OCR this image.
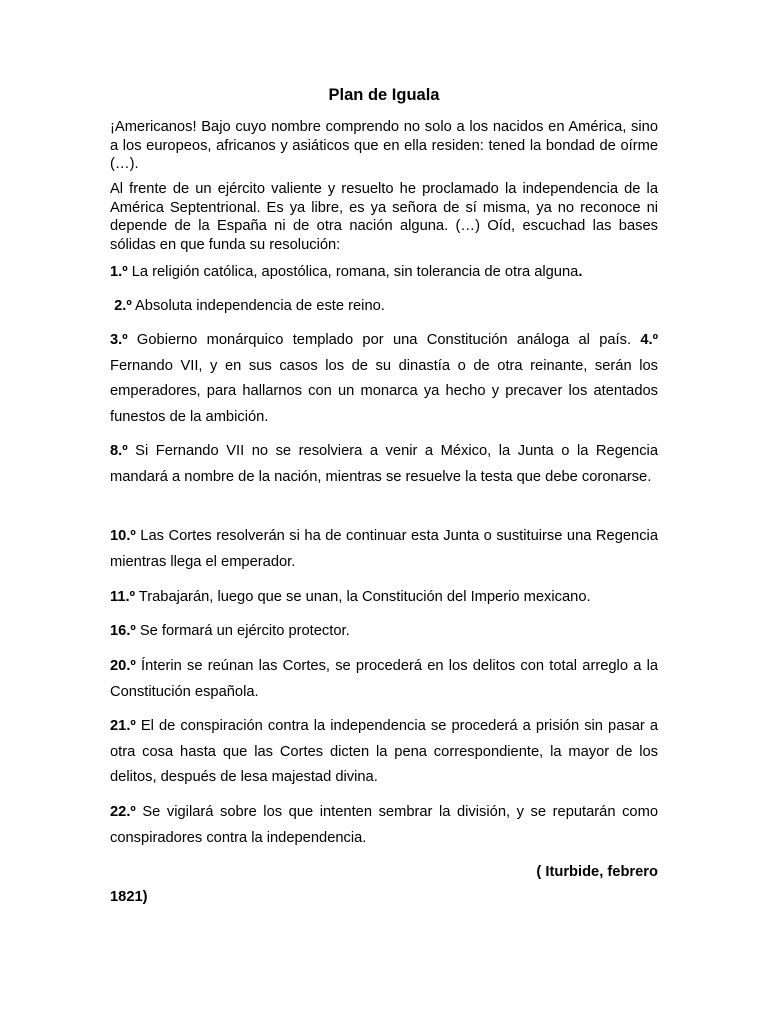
Plan de Iguala

¡Americanos! Bajo cuyo nombre comprendo no solo a los nacidos en América, sino a los europeos, africanos y asiáticos que en ella residen: tened la bondad de oírme (…).

Al frente de un ejército valiente y resuelto he proclamado la independencia de la América Septentrional. Es ya libre, es ya señora de sí misma, ya no reconoce ni depende de la España ni de otra nación alguna. (…) Oíd, escuchad las bases sólidas en que funda su resolución:

1.º La religión católica, apostólica, romana, sin tolerancia de otra alguna.

2.º Absoluta independencia de este reino.

3.º Gobierno monárquico templado por una Constitución análoga al país. 4.º Fernando VII, y en sus casos los de su dinastía o de otra reinante, serán los emperadores, para hallarnos con un monarca ya hecho y precaver los atentados funestos de la ambición.

8.º Si Fernando VII no se resolviera a venir a México, la Junta o la Regencia mandará a nombre de la nación, mientras se resuelve la testa que debe coronarse.

10.º Las Cortes resolverán si ha de continuar esta Junta o sustituirse una Regencia mientras llega el emperador.

11.º Trabajarán, luego que se unan, la Constitución del Imperio mexicano.

16.º Se formará un ejército protector.

20.º Ínterin se reúnan las Cortes, se procederá en los delitos con total arreglo a la Constitución española.

21.º El de conspiración contra la independencia se procederá a prisión sin pasar a otra cosa hasta que las Cortes dicten la pena correspondiente, la mayor de los delitos, después de lesa majestad divina.

22.º Se vigilará sobre los que intenten sembrar la división, y se reputarán como conspiradores contra la independencia.

( Iturbide, febrero

1821)
